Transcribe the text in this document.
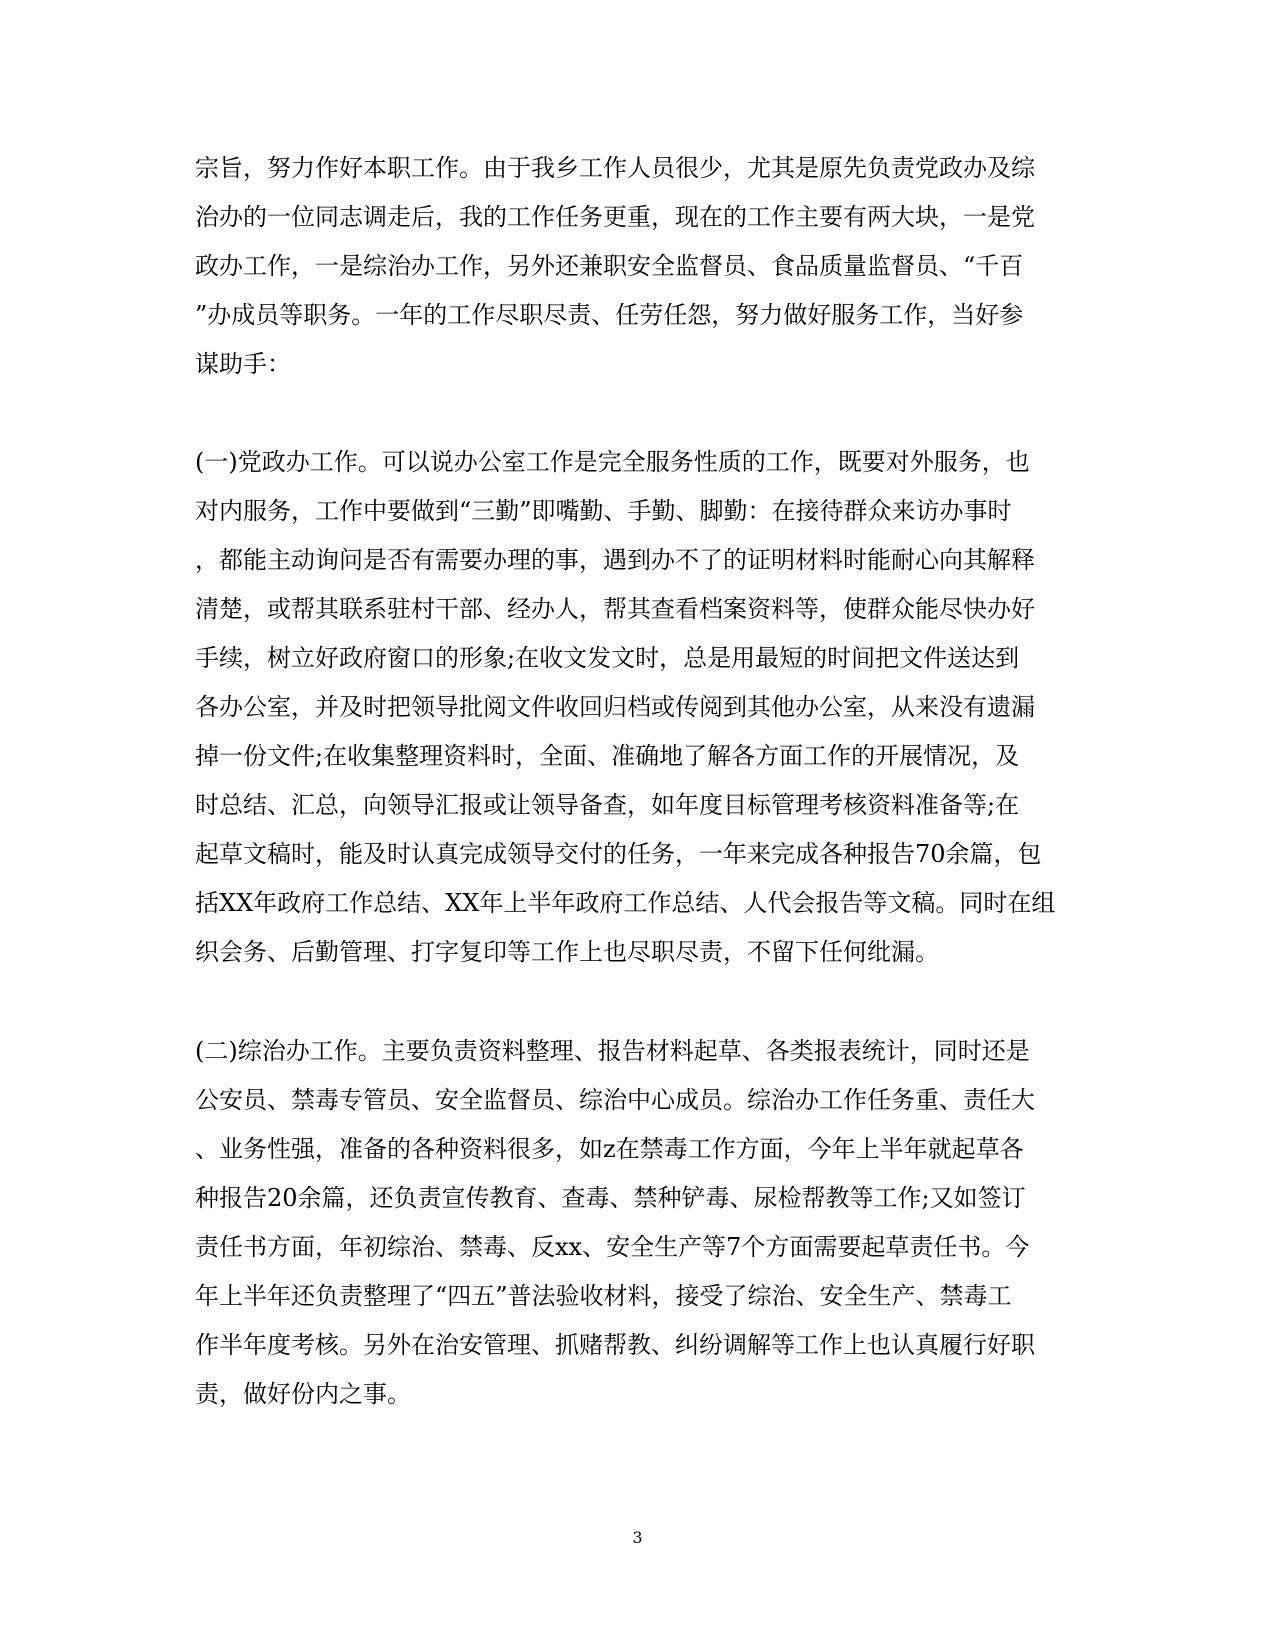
宗旨，努力作好本职工作。由于我乡工作人员很少，尤其是原先负责党政办及综
治办的一位同志调走后，我的工作任务更重，现在的工作主要有两大块，一是党
政办工作，一是综治办工作，另外还兼职安全监督员、食品质量监督员、“千百
”办成员等职务。一年的工作尽职尽责、任劳任怨，努力做好服务工作，当好参
谋助手：
(一)党政办工作。可以说办公室工作是完全服务性质的工作，既要对外服务，也
对内服务，工作中要做到“三勤”即嘴勤、手勤、脚勤：在接待群众来访办事时
，都能主动询问是否有需要办理的事，遇到办不了的证明材料时能耐心向其解释
清楚，或帮其联系驻村干部、经办人，帮其查看档案资料等，使群众能尽快办好
手续，树立好政府窗口的形象;在收文发文时，总是用最短的时间把文件送达到
各办公室，并及时把领导批阅文件收回归档或传阅到其他办公室，从来没有遗漏
掉一份文件;在收集整理资料时，全面、准确地了解各方面工作的开展情况，及
时总结、汇总，向领导汇报或让领导备查，如年度目标管理考核资料准备等;在
起草文稿时，能及时认真完成领导交付的任务，一年来完成各种报告70余篇，包
括XX年政府工作总结、XX年上半年政府工作总结、人代会报告等文稿。同时在组
织会务、后勤管理、打字复印等工作上也尽职尽责，不留下任何纰漏。
(二)综治办工作。主要负责资料整理、报告材料起草、各类报表统计，同时还是
公安员、禁毒专管员、安全监督员、综治中心成员。综治办工作任务重、责任大
、业务性强，准备的各种资料很多，如z在禁毒工作方面，今年上半年就起草各
种报告20余篇，还负责宣传教育、查毒、禁种铲毒、尿检帮教等工作;又如签订
责任书方面，年初综治、禁毒、反xx、安全生产等7个方面需要起草责任书。今
年上半年还负责整理了“四五”普法验收材料，接受了综治、安全生产、禁毒工
作半年度考核。另外在治安管理、抓赌帮教、纠纷调解等工作上也认真履行好职
责，做好份内之事。
3
